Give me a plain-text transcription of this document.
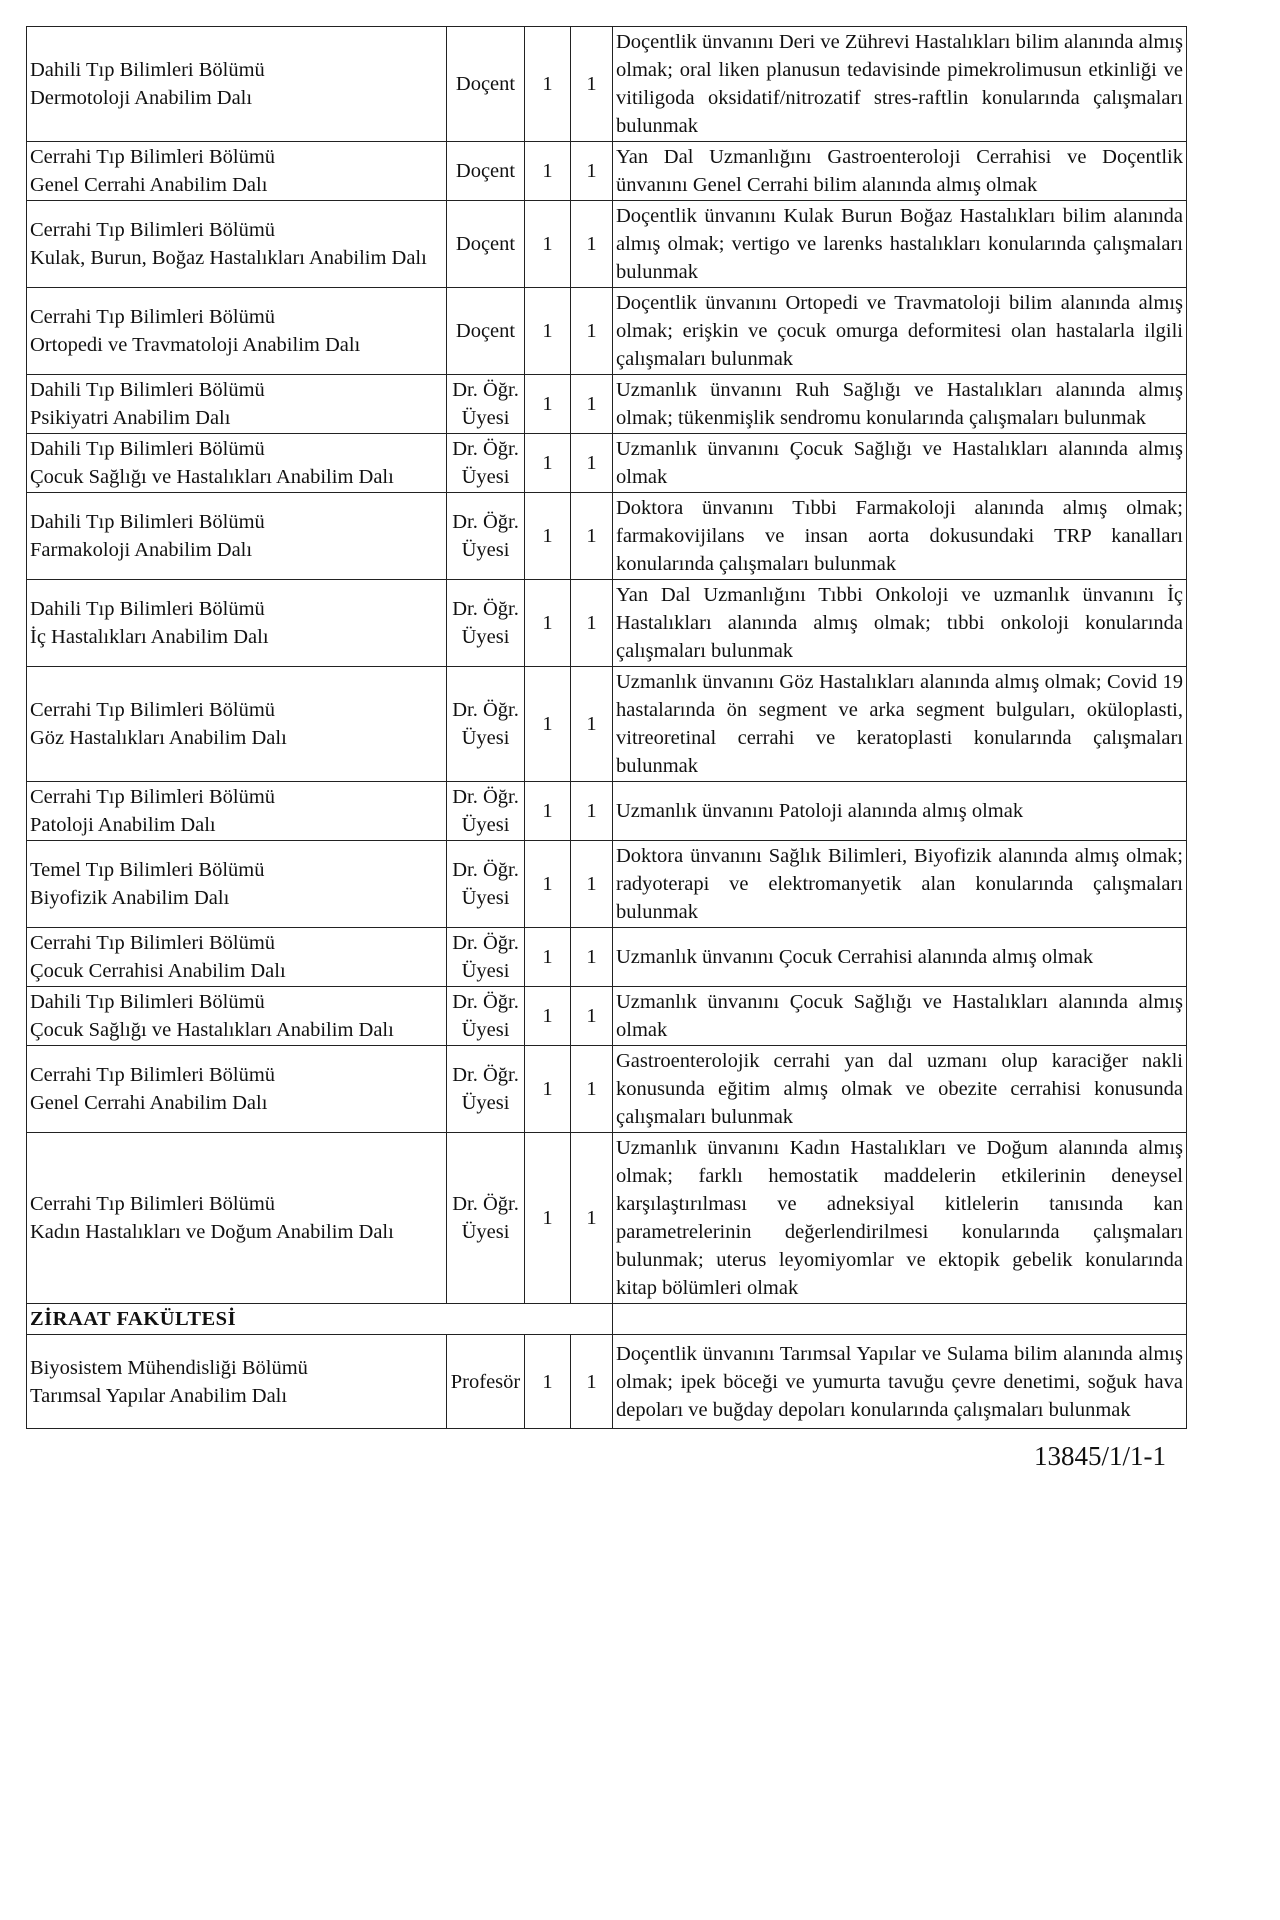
Dahili Tıp Bilimleri Bölümü
Dermotoloji Anabilim Dalı	Doçent	1	1	Doçentlik ünvanını Deri ve Zührevi Hastalıkları bilim alanında almış olmak; oral liken planusun tedavisinde pimekrolimusun etkinliği ve vitiligoda oksidatif/nitrozatif stres-raftlin konularında çalışmaları bulunmak

Cerrahi Tıp Bilimleri Bölümü
Genel Cerrahi Anabilim Dalı	Doçent	1	1	Yan Dal Uzmanlığını Gastroenteroloji Cerrahisi ve Doçentlik ünvanını Genel Cerrahi bilim alanında almış olmak

Cerrahi Tıp Bilimleri Bölümü
Kulak, Burun, Boğaz Hastalıkları Anabilim Dalı	Doçent	1	1	Doçentlik ünvanını Kulak Burun Boğaz Hastalıkları bilim alanında almış olmak; vertigo ve larenks hastalıkları konularında çalışmaları bulunmak

Cerrahi Tıp Bilimleri Bölümü
Ortopedi ve Travmatoloji Anabilim Dalı	Doçent	1	1	Doçentlik ünvanını Ortopedi ve Travmatoloji bilim alanında almış olmak; erişkin ve çocuk omurga deformitesi olan hastalarla ilgili çalışmaları bulunmak

Dahili Tıp Bilimleri Bölümü
Psikiyatri Anabilim Dalı	Dr. Öğr. Üyesi	1	1	Uzmanlık ünvanını Ruh Sağlığı ve Hastalıkları alanında almış olmak; tükenmişlik sendromu konularında çalışmaları bulunmak

Dahili Tıp Bilimleri Bölümü
Çocuk Sağlığı ve Hastalıkları Anabilim Dalı	Dr. Öğr. Üyesi	1	1	Uzmanlık ünvanını Çocuk Sağlığı ve Hastalıkları alanında almış olmak

Dahili Tıp Bilimleri Bölümü
Farmakoloji Anabilim Dalı	Dr. Öğr. Üyesi	1	1	Doktora ünvanını Tıbbi Farmakoloji alanında almış olmak; farmakovijilans ve insan aorta dokusundaki TRP kanalları konularında çalışmaları bulunmak

Dahili Tıp Bilimleri Bölümü
İç Hastalıkları Anabilim Dalı	Dr. Öğr. Üyesi	1	1	Yan Dal Uzmanlığını Tıbbi Onkoloji ve uzmanlık ünvanını İç Hastalıkları alanında almış olmak; tıbbi onkoloji konularında çalışmaları bulunmak

Cerrahi Tıp Bilimleri Bölümü
Göz Hastalıkları Anabilim Dalı	Dr. Öğr. Üyesi	1	1	Uzmanlık ünvanını Göz Hastalıkları alanında almış olmak; Covid 19 hastalarında ön segment ve arka segment bulguları, okülоplasti, vitreoretinal cerrahi ve keratoplasti konularında çalışmaları bulunmak

Cerrahi Tıp Bilimleri Bölümü
Patoloji Anabilim Dalı	Dr. Öğr. Üyesi	1	1	Uzmanlık ünvanını Patoloji alanında almış olmak

Temel Tıp Bilimleri Bölümü
Biyofizik Anabilim Dalı	Dr. Öğr. Üyesi	1	1	Doktora ünvanını Sağlık Bilimleri, Biyofizik alanında almış olmak; radyoterapi ve elektromanyetik alan konularında çalışmaları bulunmak

Cerrahi Tıp Bilimleri Bölümü
Çocuk Cerrahisi Anabilim Dalı	Dr. Öğr. Üyesi	1	1	Uzmanlık ünvanını Çocuk Cerrahisi alanında almış olmak

Dahili Tıp Bilimleri Bölümü
Çocuk Sağlığı ve Hastalıkları Anabilim Dalı	Dr. Öğr. Üyesi	1	1	Uzmanlık ünvanını Çocuk Sağlığı ve Hastalıkları alanında almış olmak

Cerrahi Tıp Bilimleri Bölümü
Genel Cerrahi Anabilim Dalı	Dr. Öğr. Üyesi	1	1	Gastroenterolojik cerrahi yan dal uzmanı olup karaciğer nakli konusunda eğitim almış olmak ve obezite cerrahisi konusunda çalışmaları bulunmak

Cerrahi Tıp Bilimleri Bölümü
Kadın Hastalıkları ve Doğum Anabilim Dalı	Dr. Öğr. Üyesi	1	1	Uzmanlık ünvanını Kadın Hastalıkları ve Doğum alanında almış olmak; farklı hemostatik maddelerin etkilerinin deneysel karşılaştırılması ve adneksiyal kitlelerin tanısında kan parametrelerinin değerlendirilmesi konularında çalışmaları bulunmak; uterus leyomiyomlar ve ektopik gebelik konularında kitap bölümleri olmak
ZİRAAT FAKÜLTESİ				

Biyosistem Mühendisliği Bölümü
Tarımsal Yapılar Anabilim Dalı	Profesör	1	1	Doçentlik ünvanını Tarımsal Yapılar ve Sulama bilim alanında almış olmak; ipek böceği ve yumurta tavuğu çevre denetimi, soğuk hava depoları ve buğday depoları konularında çalışmaları bulunmak
13845/1/1-1
